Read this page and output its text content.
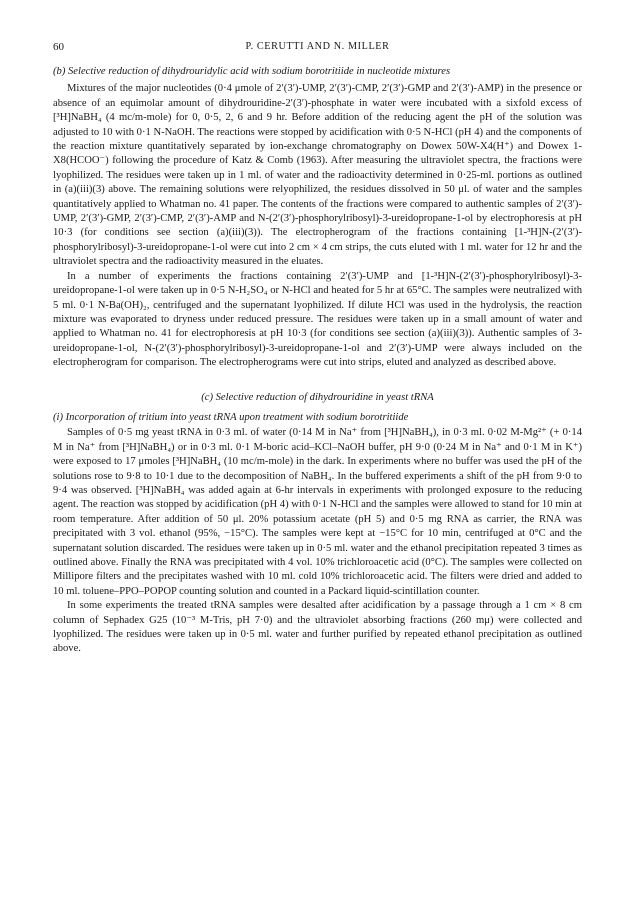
60	P. CERUTTI AND N. MILLER

(b) Selective reduction of dihydrouridylic acid with sodium borotritiide in nucleotide mixtures

Mixtures of the major nucleotides (0·4 μmole of 2′(3′)-UMP, 2′(3′)-CMP, 2′(3′)-GMP and 2′(3′)-AMP) in the presence or absence of an equimolar amount of dihydrouridine-2′(3′)-phosphate in water were incubated with a sixfold excess of [³H]NaBH₄ (4 mc/m-mole) for 0, 0·5, 2, 6 and 9 hr. Before addition of the reducing agent the pH of the solution was adjusted to 10 with 0·1 N-NaOH. The reactions were stopped by acidification with 0·5 N-HCl (pH 4) and the components of the reaction mixture quantitatively separated by ion-exchange chromatography on Dowex 50W-X4(H⁺) and Dowex 1-X8(HCOO⁻) following the procedure of Katz & Comb (1963). After measuring the ultraviolet spectra, the fractions were lyophilized. The residues were taken up in 1 ml. of water and the radioactivity determined in 0·25-ml. portions as outlined in (a)(iii)(3) above. The remaining solutions were relyophilized, the residues dissolved in 50 μl. of water and the samples quantitatively applied to Whatman no. 41 paper. The contents of the fractions were compared to authentic samples of 2′(3′)-UMP, 2′(3′)-GMP, 2′(3′)-CMP, 2′(3′)-AMP and N-(2′(3′)-phosphorylribosyl)-3-ureidopropane-1-ol by electrophoresis at pH 10·3 (for conditions see section (a)(iii)(3)). The electropherogram of the fractions containing [1-³H]N-(2′(3′)-phosphorylribosyl)-3-ureidopropane-1-ol were cut into 2 cm × 4 cm strips, the cuts eluted with 1 ml. water for 12 hr and the ultraviolet spectra and the radioactivity measured in the eluates.

In a number of experiments the fractions containing 2′(3′)-UMP and [1-³H]N-(2′(3′)-phosphorylribosyl)-3-ureidopropane-1-ol were taken up in 0·5 N-H₂SO₄ or N-HCl and heated for 5 hr at 65°C. The samples were neutralized with 5 ml. 0·1 N-Ba(OH)₂, centrifuged and the supernatant lyophilized. If dilute HCl was used in the hydrolysis, the reaction mixture was evaporated to dryness under reduced pressure. The residues were taken up in a small amount of water and applied to Whatman no. 41 for electrophoresis at pH 10·3 (for conditions see section (a)(iii)(3)). Authentic samples of 3-ureidopropane-1-ol, N-(2′(3′)-phosphorylribosyl)-3-ureidopropane-1-ol and 2′(3′)-UMP were always included on the electropherogram for comparison. The electropherograms were cut into strips, eluted and analyzed as described above.

(c) Selective reduction of dihydrouridine in yeast tRNA

(i) Incorporation of tritium into yeast tRNA upon treatment with sodium borotritiide

Samples of 0·5 mg yeast tRNA in 0·3 ml. of water (0·14 M in Na⁺ from [³H]NaBH₄), in 0·3 ml. 0·02 M-Mg²⁺ (+ 0·14 M in Na⁺ from [³H]NaBH₄) or in 0·3 ml. 0·1 M-boric acid–KCl–NaOH buffer, pH 9·0 (0·24 M in Na⁺ and 0·1 M in K⁺) were exposed to 17 μmoles [³H]NaBH₄ (10 mc/m-mole) in the dark. In experiments where no buffer was used the pH of the solutions rose to 9·8 to 10·1 due to the decomposition of NaBH₄. In the buffered experiments a shift of the pH from 9·0 to 9·4 was observed. [³H]NaBH₄ was added again at 6-hr intervals in experiments with prolonged exposure to the reducing agent. The reaction was stopped by acidification (pH 4) with 0·1 N-HCl and the samples were allowed to stand for 10 min at room temperature. After addition of 50 μl. 20% potassium acetate (pH 5) and 0·5 mg RNA as carrier, the RNA was precipitated with 3 vol. ethanol (95%, −15°C). The samples were kept at −15°C for 10 min, centrifuged at 0°C and the supernatant solution discarded. The residues were taken up in 0·5 ml. water and the ethanol precipitation repeated 3 times as outlined above. Finally the RNA was precipitated with 4 vol. 10% trichloroacetic acid (0°C). The samples were collected on Millipore filters and the precipitates washed with 10 ml. cold 10% trichloroacetic acid. The filters were dried and added to 10 ml. toluene–PPO–POPOP counting solution and counted in a Packard liquid-scintillation counter.

In some experiments the treated tRNA samples were desalted after acidification by a passage through a 1 cm × 8 cm column of Sephadex G25 (10⁻³ M-Tris, pH 7·0) and the ultraviolet absorbing fractions (260 mμ) were collected and lyophilized. The residues were taken up in 0·5 ml. water and further purified by repeated ethanol precipitation as outlined above.
